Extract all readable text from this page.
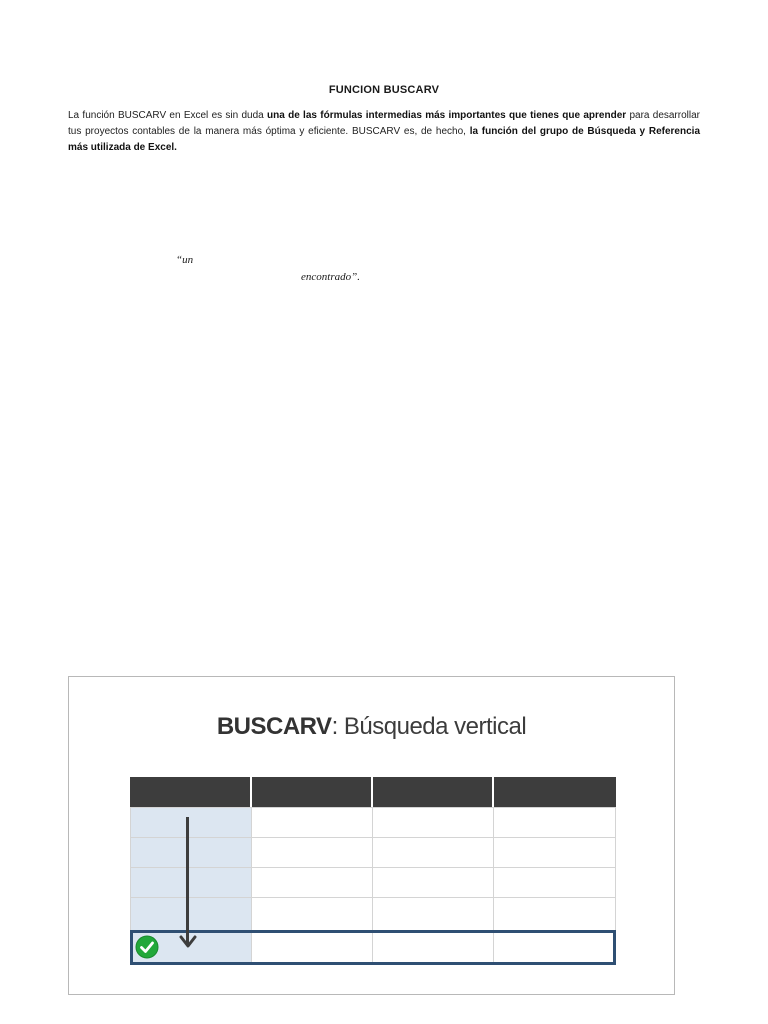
FUNCION BUSCARV
La función BUSCARV en Excel es sin duda una de las fórmulas intermedias más importantes que tienes que aprender para desarrollar tus proyectos contables de la manera más óptima y eficiente. BUSCARV es, de hecho, la función del grupo de Búsqueda y Referencia más utilizada de Excel.
“un
encontrado”.
BUSCARV: Búsqueda vertical
